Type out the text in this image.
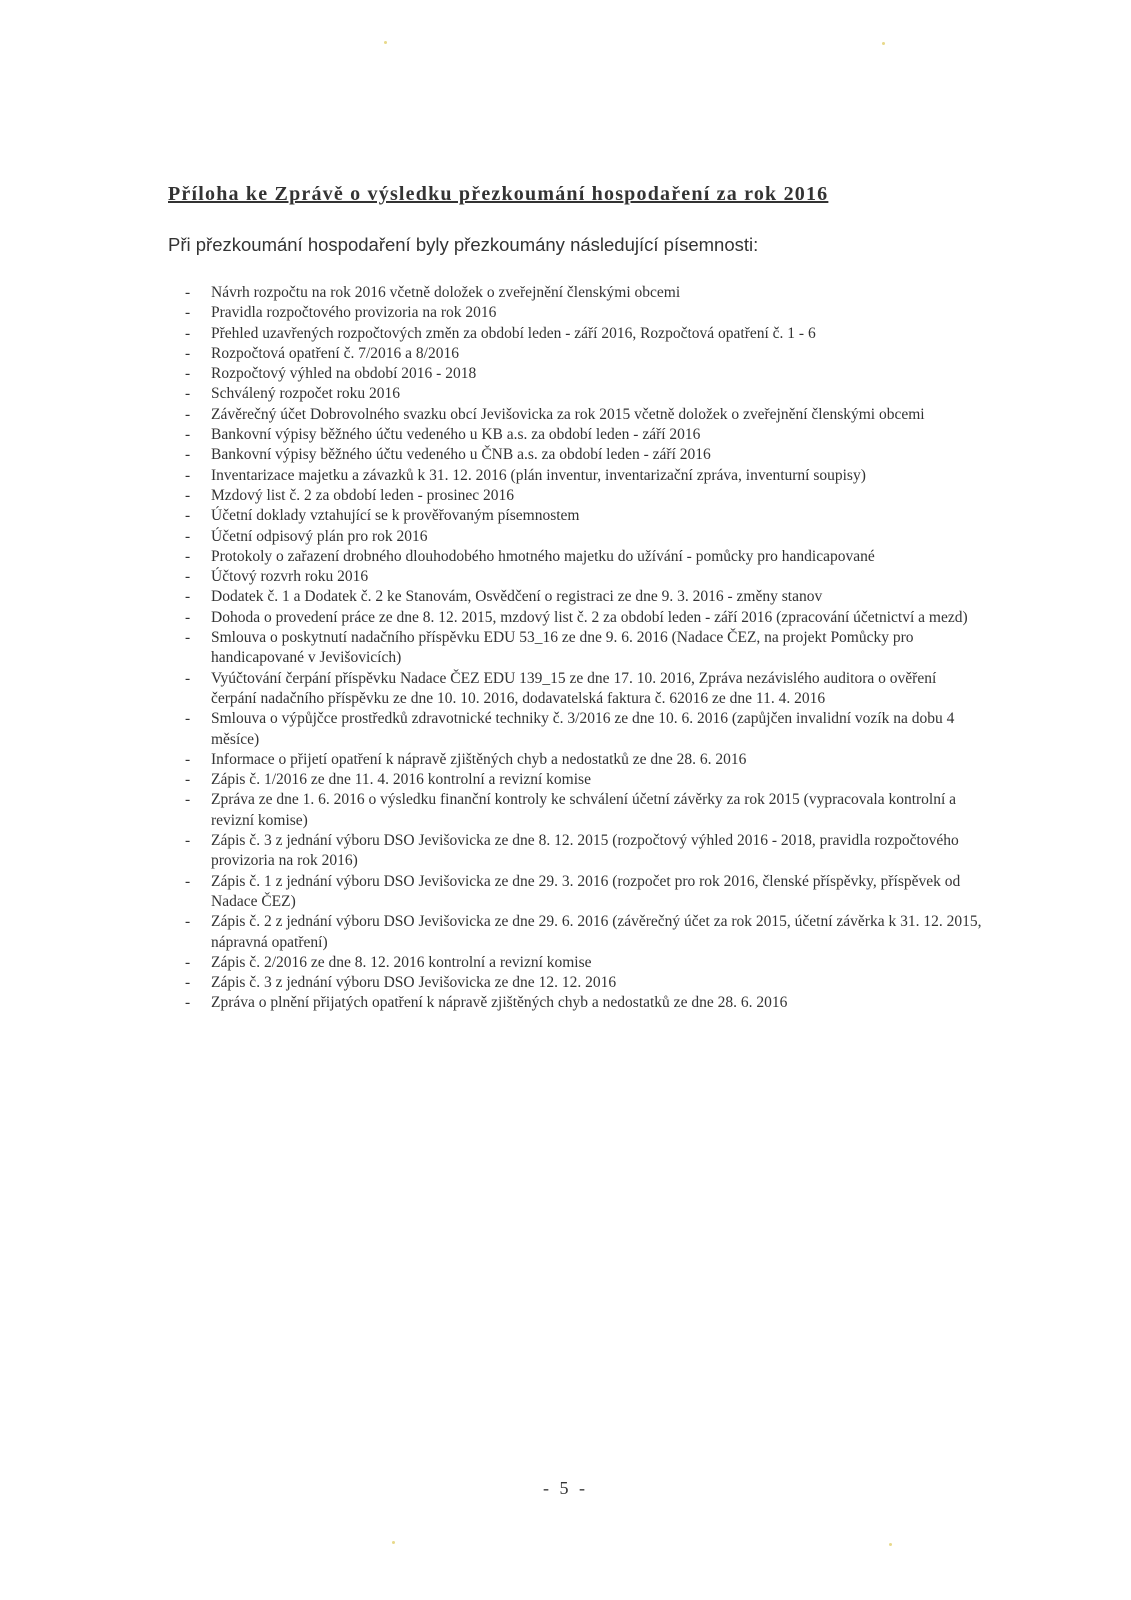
Příloha ke Zprávě o výsledku přezkoumání hospodaření za rok 2016

Při přezkoumání hospodaření byly přezkoumány následující písemnosti:

- Návrh rozpočtu na rok 2016 včetně doložek o zveřejnění členskými obcemi
- Pravidla rozpočtového provizoria na rok 2016
- Přehled uzavřených rozpočtových změn za období leden - září 2016, Rozpočtová opatření č. 1 - 6
- Rozpočtová opatření č. 7/2016 a 8/2016
- Rozpočtový výhled na období 2016 - 2018
- Schválený rozpočet roku 2016
- Závěrečný účet Dobrovolného svazku obcí Jevišovicka za rok 2015 včetně doložek o zveřejnění členskými obcemi
- Bankovní výpisy běžného účtu vedeného u KB a.s. za období leden - září 2016
- Bankovní výpisy běžného účtu vedeného u ČNB a.s. za období leden - září 2016
- Inventarizace majetku a závazků k 31. 12. 2016 (plán inventur, inventarizační zpráva, inventurní soupisy)
- Mzdový list č. 2 za období leden - prosinec 2016
- Účetní doklady vztahující se k prověřovaným písemnostem
- Účetní odpisový plán pro rok 2016
- Protokoly o zařazení drobného dlouhodobého hmotného majetku do užívání - pomůcky pro handicapované
- Účtový rozvrh roku 2016
- Dodatek č. 1 a Dodatek č. 2 ke Stanovám, Osvědčení o registraci ze dne 9. 3. 2016 - změny stanov
- Dohoda o provedení práce ze dne 8. 12. 2015, mzdový list č. 2 za období leden - září 2016 (zpracování účetnictví a mezd)
- Smlouva o poskytnutí nadačního příspěvku EDU 53_16 ze dne 9. 6. 2016 (Nadace ČEZ, na projekt Pomůcky pro handicapované v Jevišovicích)
- Vyúčtování čerpání příspěvku Nadace ČEZ EDU 139_15 ze dne 17. 10. 2016, Zpráva nezávislého auditora o ověření čerpání nadačního příspěvku ze dne 10. 10. 2016, dodavatelská faktura č. 62016 ze dne 11. 4. 2016
- Smlouva o výpůjčce prostředků zdravotnické techniky č. 3/2016 ze dne 10. 6. 2016 (zapůjčen invalidní vozík na dobu 4 měsíce)
- Informace o přijetí opatření k nápravě zjištěných chyb a nedostatků ze dne 28. 6. 2016
- Zápis č. 1/2016 ze dne 11. 4. 2016 kontrolní a revizní komise
- Zpráva ze dne 1. 6. 2016 o výsledku finanční kontroly ke schválení účetní závěrky za rok 2015 (vypracovala kontrolní a revizní komise)
- Zápis č. 3 z jednání výboru DSO Jevišovicka ze dne 8. 12. 2015 (rozpočtový výhled 2016 - 2018, pravidla rozpočtového provizoria na rok 2016)
- Zápis č. 1 z jednání výboru DSO Jevišovicka ze dne 29. 3. 2016 (rozpočet pro rok 2016, členské příspěvky, příspěvek od Nadace ČEZ)
- Zápis č. 2 z jednání výboru DSO Jevišovicka ze dne 29. 6. 2016 (závěrečný účet za rok 2015, účetní závěrka k 31. 12. 2015, nápravná opatření)
- Zápis č. 2/2016 ze dne 8. 12. 2016 kontrolní a revizní komise
- Zápis č. 3 z jednání výboru DSO Jevišovicka ze dne 12. 12. 2016
- Zpráva o plnění přijatých opatření k nápravě zjištěných chyb a nedostatků ze dne 28. 6. 2016
- 5 -
